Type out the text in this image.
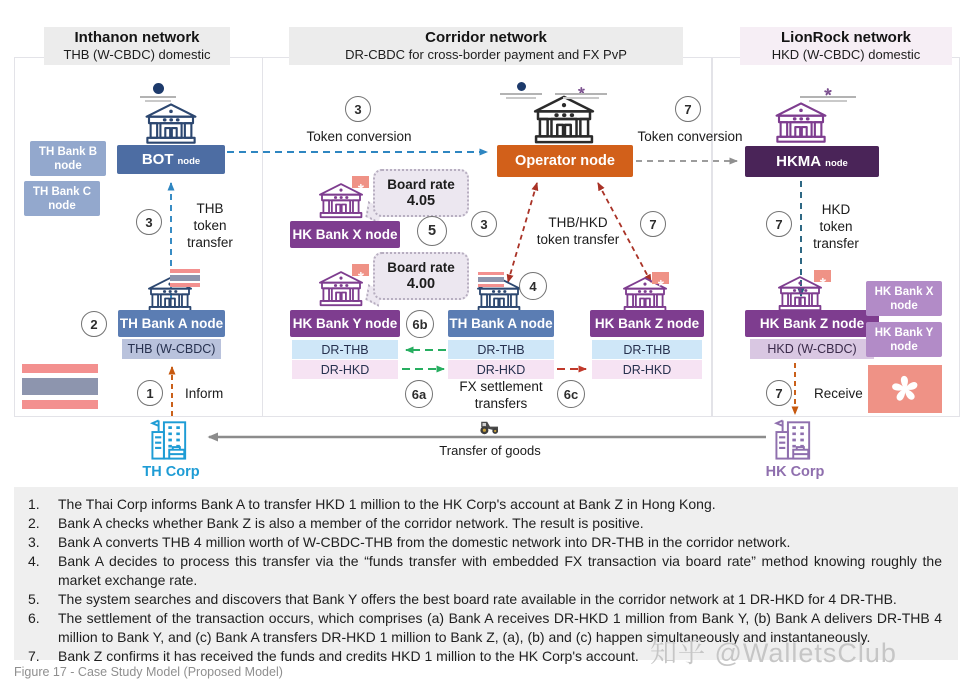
Inthanon network
THB (W-CBDC) domestic
Corridor network
DR-CBDC for cross-border payment and FX PvP
LionRock network
HKD (W-CBDC) domestic
BOT node
TH Bank B
node
TH Bank C
node
3
THB
token
transfer
2 TH Bank A node
THB (W-CBDC)
1 Inform
TH Corp
Operator node
3
Token conversion
7
Token conversion
Board rate
4.05
Board rate
4.00
HK Bank X node 5
HK Bank Y node 6b
3	THB/HKD
token transfer
7
4
TH Bank A node	HK Bank Z node
DR-THB
DR-HKD
DR-THB
DR-HKD
DR-THB
DR-HKD
6a	FX settlement
transfers
6c
HKMA node
7
HKD
token
transfer
HK Bank Z node
HKD (W-CBDC)
HK Bank X
node
HK Bank Y
node
7 Receive
HK Corp
Transfer of goods
1.	The Thai Corp informs Bank A to transfer HKD 1 million to the HK Corp's account at Bank Z in Hong Kong.
2.	Bank A checks whether Bank Z is also a member of the corridor network. The result is positive.
3.	Bank A converts THB 4 million worth of W-CBDC-THB from the domestic network into DR-THB in the corridor network.
4.	Bank A decides to process this transfer via the “funds transfer with embedded FX transaction via board rate” method knowing roughly the market exchange rate.
5.	The system searches and discovers that Bank Y offers the best board rate available in the corridor network at 1 DR-HKD for 4 DR-THB.
6.	The settlement of the transaction occurs, which comprises (a) Bank A receives DR-HKD 1 million from Bank Y, (b) Bank A delivers DR-THB 4 million to Bank Y, and (c) Bank A transfers DR-HKD 1 million to Bank Z, (a), (b) and (c) happen simultaneously and instantaneously.
7.	Bank Z confirms it has received the funds and credits HKD 1 million to the HK Corp's account.
Figure 17 - Case Study Model (Proposed Model)
知乎 @WalletsClub
